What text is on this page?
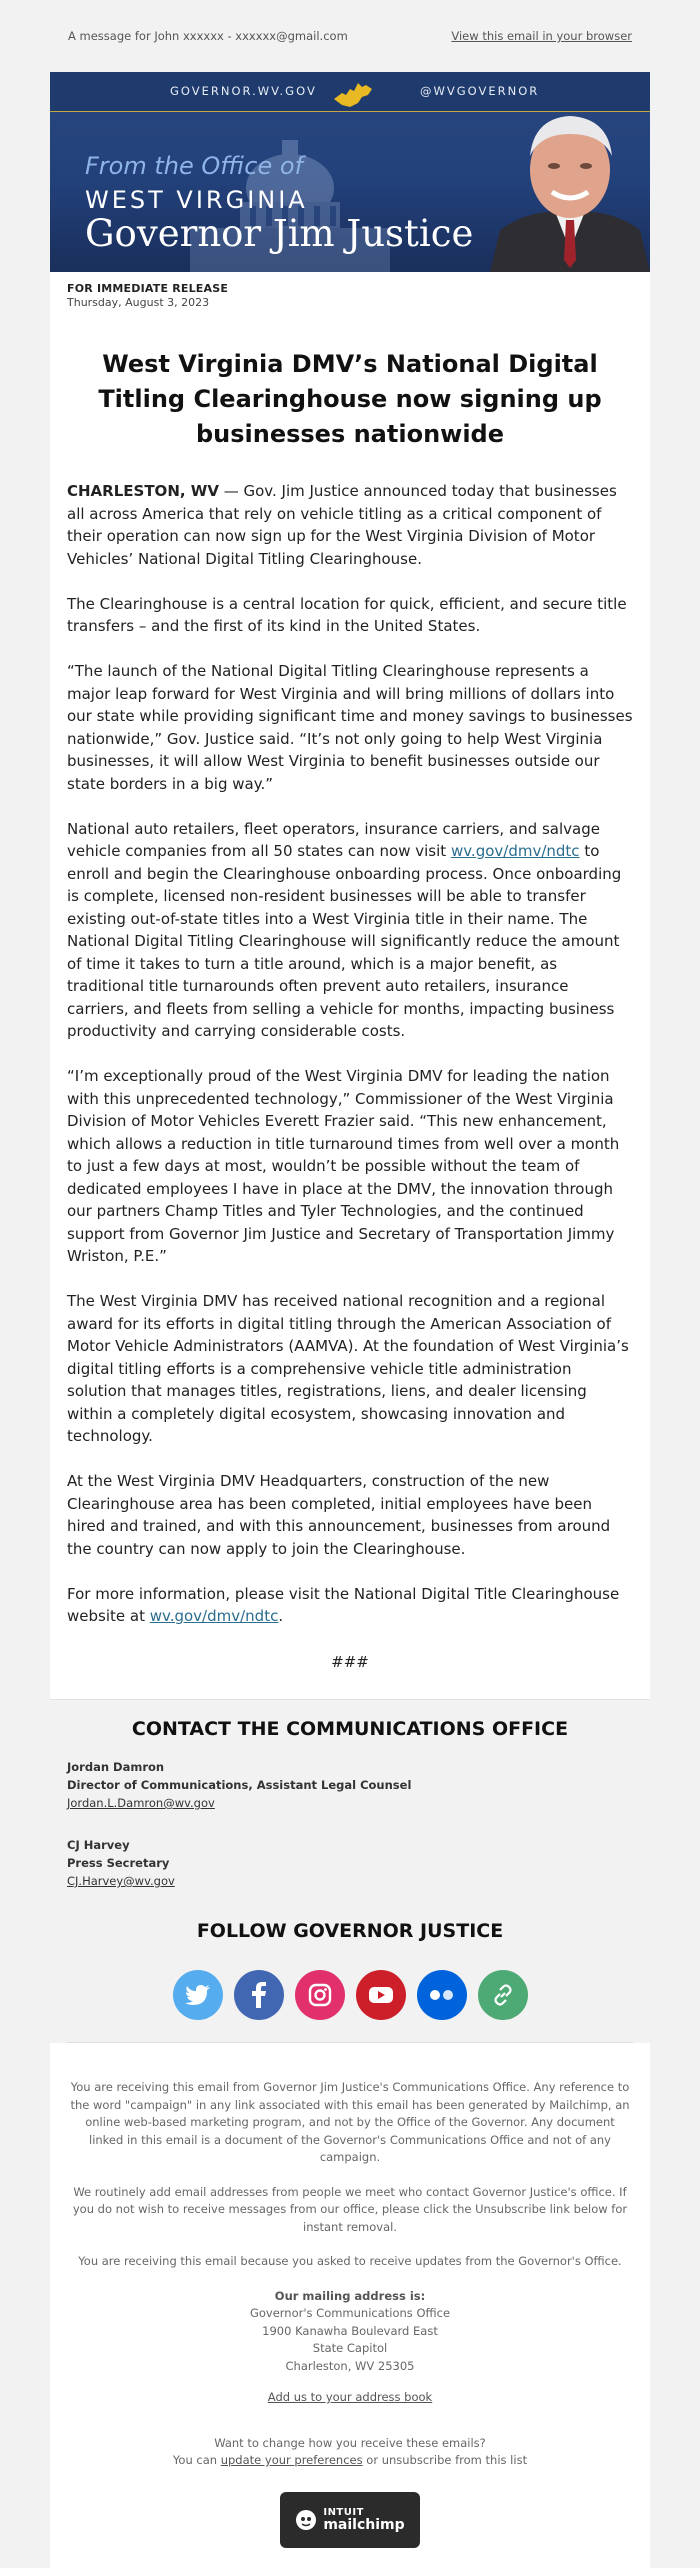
A message for John xxxxxx - xxxxxx@gmail.com	View this email in your browser
GOVERNOR.WV.GOV	@WVGOVERNOR
From the Office of
WEST VIRGINIA
Governor Jim Justice
FOR IMMEDIATE RELEASE
Thursday, August 3, 2023
West Virginia DMV’s National Digital Titling Clearinghouse now signing up businesses nationwide

CHARLESTON, WV — Gov. Jim Justice announced today that businesses all across America that rely on vehicle titling as a critical component of their operation can now sign up for the West Virginia Division of Motor Vehicles’ National Digital Titling Clearinghouse.

The Clearinghouse is a central location for quick, efficient, and secure title transfers – and the first of its kind in the United States.

“The launch of the National Digital Titling Clearinghouse represents a major leap forward for West Virginia and will bring millions of dollars into our state while providing significant time and money savings to businesses nationwide,” Gov. Justice said. “It’s not only going to help West Virginia businesses, it will allow West Virginia to benefit businesses outside our state borders in a big way.”

National auto retailers, fleet operators, insurance carriers, and salvage vehicle companies from all 50 states can now visit wv.gov/dmv/ndtc to enroll and begin the Clearinghouse onboarding process. Once onboarding is complete, licensed non-resident businesses will be able to transfer existing out-of-state titles into a West Virginia title in their name. The National Digital Titling Clearinghouse will significantly reduce the amount of time it takes to turn a title around, which is a major benefit, as traditional title turnarounds often prevent auto retailers, insurance carriers, and fleets from selling a vehicle for months, impacting business productivity and carrying considerable costs.

“I’m exceptionally proud of the West Virginia DMV for leading the nation with this unprecedented technology,” Commissioner of the West Virginia Division of Motor Vehicles Everett Frazier said. “This new enhancement, which allows a reduction in title turnaround times from well over a month to just a few days at most, wouldn’t be possible without the team of dedicated employees I have in place at the DMV, the innovation through our partners Champ Titles and Tyler Technologies, and the continued support from Governor Jim Justice and Secretary of Transportation Jimmy Wriston, P.E.”

The West Virginia DMV has received national recognition and a regional award for its efforts in digital titling through the American Association of Motor Vehicle Administrators (AAMVA). At the foundation of West Virginia’s digital titling efforts is a comprehensive vehicle title administration solution that manages titles, registrations, liens, and dealer licensing within a completely digital ecosystem, showcasing innovation and technology.

At the West Virginia DMV Headquarters, construction of the new Clearinghouse area has been completed, initial employees have been hired and trained, and with this announcement, businesses from around the country can now apply to join the Clearinghouse.

For more information, please visit the National Digital Title Clearinghouse website at wv.gov/dmv/ndtc.

###
CONTACT THE COMMUNICATIONS OFFICE
Jordan Damron
Director of Communications, Assistant Legal Counsel
Jordan.L.Damron@wv.gov
CJ Harvey
Press Secretary
CJ.Harvey@wv.gov
FOLLOW GOVERNOR JUSTICE

You are receiving this email from Governor Jim Justice's Communications Office. Any reference to the word "campaign" in any link associated with this email has been generated by Mailchimp, an online web-based marketing program, and not by the Office of the Governor. Any document linked in this email is a document of the Governor's Communications Office and not of any campaign.

We routinely add email addresses from people we meet who contact Governor Justice's office. If you do not wish to receive messages from our office, please click the Unsubscribe link below for instant removal.

You are receiving this email because you asked to receive updates from the Governor's Office.

Our mailing address is:
Governor's Communications Office
1900 Kanawha Boulevard East
State Capitol
Charleston, WV 25305

Add us to your address book

Want to change how you receive these emails?
You can update your preferences or unsubscribe from this list

INTUIT
mailchimp
